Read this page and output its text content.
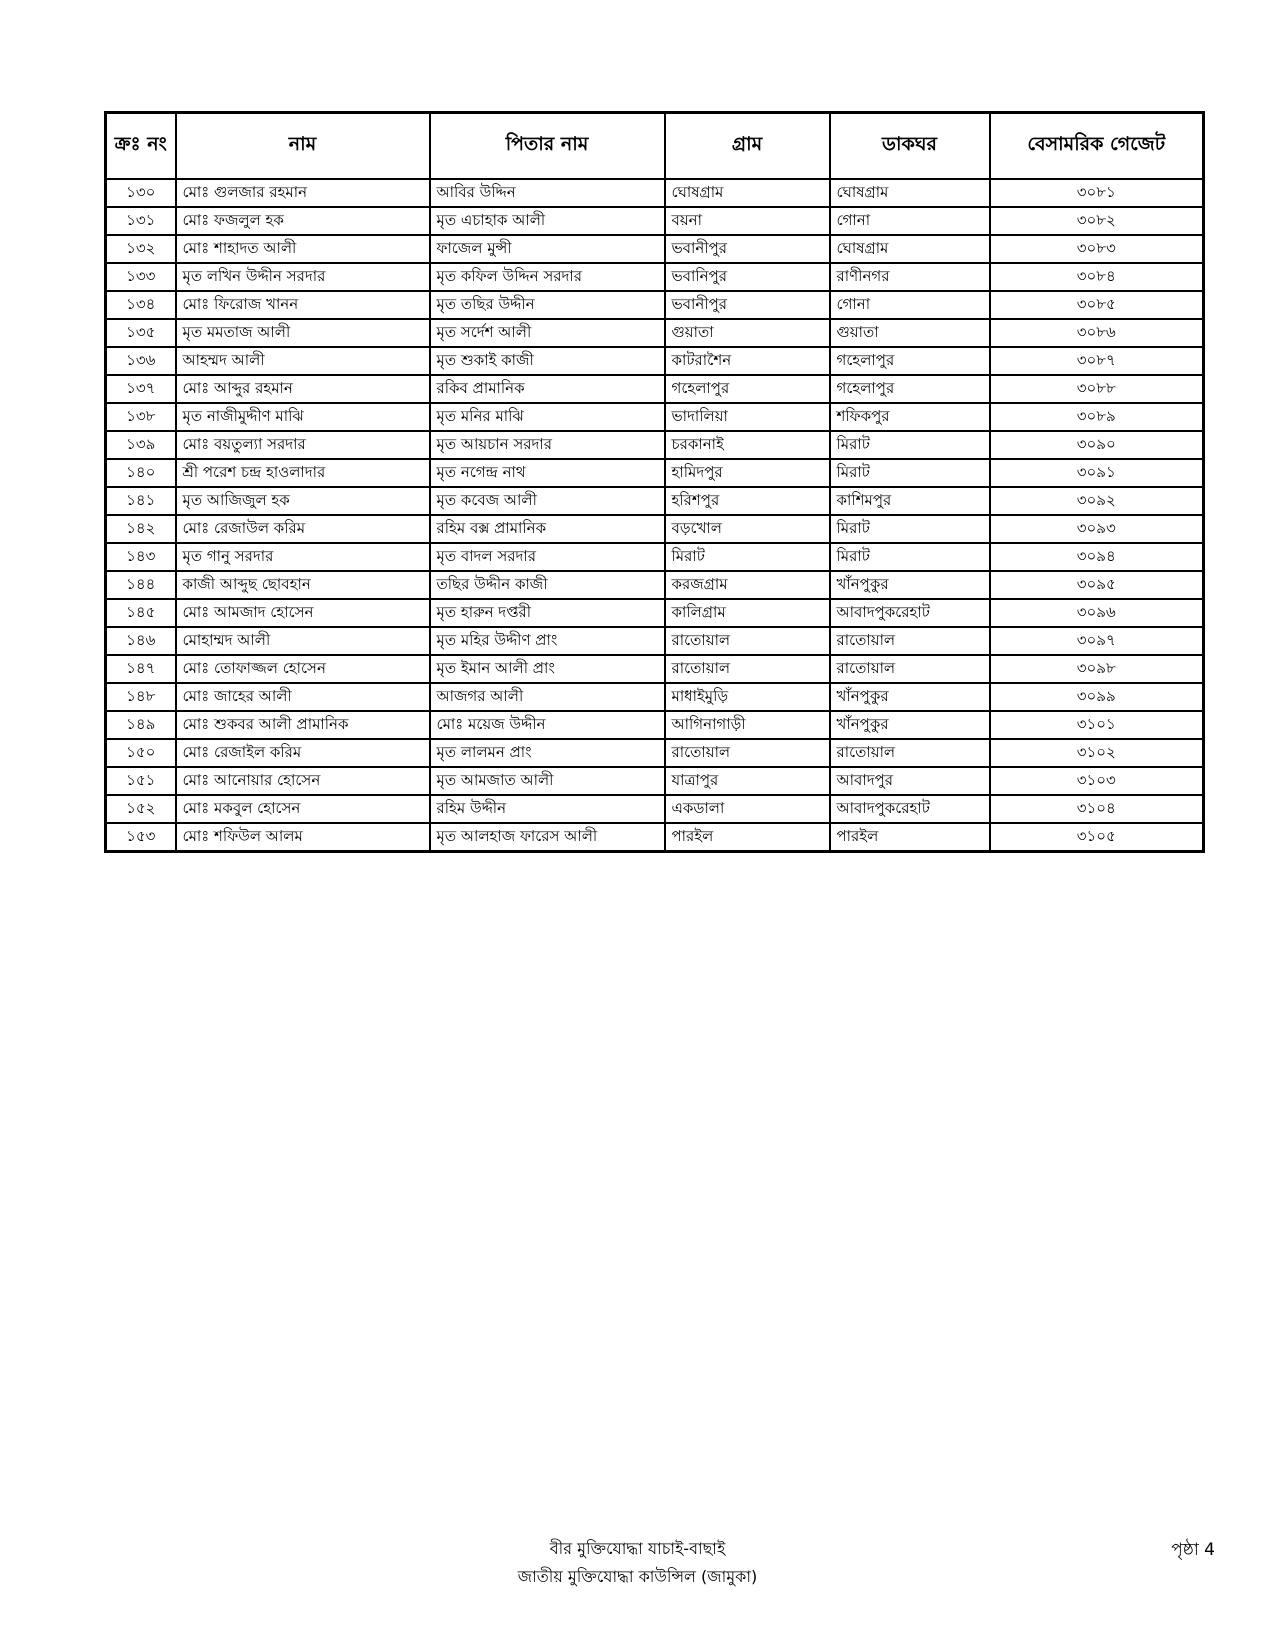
ক্রঃ নং	নাম	পিতার নাম	গ্রাম	ডাকঘর	বেসামরিক গেজেট
১৩০	মোঃ গুলজার রহমান	আবির উদ্দিন	ঘোষগ্রাম	ঘোষগ্রাম	৩০৮১
১৩১	মোঃ ফজলুল হক	মৃত এচাহাক আলী	বয়না	গোনা	৩০৮২
১৩২	মোঃ শাহাদত আলী	ফাজেল মুন্সী	ভবানীপুর	ঘোষগ্রাম	৩০৮৩
১৩৩	মৃত লখিন উদ্দীন সরদার	মৃত কফিল উদ্দিন সরদার	ভবানিপুর	রাণীনগর	৩০৮৪
১৩৪	মোঃ ফিরোজ খানন	মৃত তছির উদ্দীন	ভবানীপুর	গোনা	৩০৮৫
১৩৫	মৃত মমতাজ আলী	মৃত সর্দেশ আলী	গুয়াতা	গুয়াতা	৩০৮৬
১৩৬	আহম্মদ আলী	মৃত শুকাই কাজী	কাটরাশৈন	গহেলাপুর	৩০৮৭
১৩৭	মোঃ আব্দুর রহমান	রকিব প্রামানিক	গহেলাপুর	গহেলাপুর	৩০৮৮
১৩৮	মৃত নাজীমুদ্দীণ মাঝি	মৃত মনির মাঝি	ভাদালিয়া	শফিকপুর	৩০৮৯
১৩৯	মোঃ বয়তুল্যা সরদার	মৃত আয়চান সরদার	চরকানাই	মিরাট	৩০৯০
১৪০	শ্রী পরেশ চন্দ্র হাওলাদার	মৃত নগেন্দ্র নাথ	হামিদপুর	মিরাট	৩০৯১
১৪১	মৃত আজিজুল হক	মৃত কবেজ আলী	হরিশপুর	কাশিমপুর	৩০৯২
১৪২	মোঃ রেজাউল করিম	রহিম বক্স প্রামানিক	বড়খোল	মিরাট	৩০৯৩
১৪৩	মৃত গানু সরদার	মৃত বাদল সরদার	মিরাট	মিরাট	৩০৯৪
১৪৪	কাজী আব্দুছ ছোবহান	তছির উদ্দীন কাজী	করজগ্রাম	খাঁনপুকুর	৩০৯৫
১৪৫	মোঃ আমজাদ হোসেন	মৃত হারুন দপ্তরী	কালিগ্রাম	আবাদপুকরেহাট	৩০৯৬
১৪৬	মোহাম্মদ আলী	মৃত মহির উদ্দীণ প্রাং	রাতোয়াল	রাতোয়াল	৩০৯৭
১৪৭	মোঃ তোফাজ্জল হোসেন	মৃত ইমান আলী প্রাং	রাতোয়াল	রাতোয়াল	৩০৯৮
১৪৮	মোঃ জাহের আলী	আজগর আলী	মাধাইমুড়ি	খাঁনপুকুর	৩০৯৯
১৪৯	মোঃ শুকবর আলী প্রামানিক	মোঃ ময়েজ উদ্দীন	আগিনাগাড়ী	খাঁনপুকুর	৩১০১
১৫০	মোঃ রেজাইল করিম	মৃত লালমন প্রাং	রাতোয়াল	রাতোয়াল	৩১০২
১৫১	মোঃ আনোয়ার হোসেন	মৃত আমজাত আলী	যাত্রাপুর	আবাদপুর	৩১০৩
১৫২	মোঃ মকবুল হোসেন	রহিম উদ্দীন	একডালা	আবাদপুকরেহাট	৩১০৪
১৫৩	মোঃ শফিউল আলম	মৃত আলহাজ ফারেস আলী	পারইল	পারইল	৩১০৫
বীর মুক্তিযোদ্ধা যাচাই-বাছাই
জাতীয় মুক্তিযোদ্ধা কাউন্সিল (জামুকা)
পৃষ্ঠা 4
